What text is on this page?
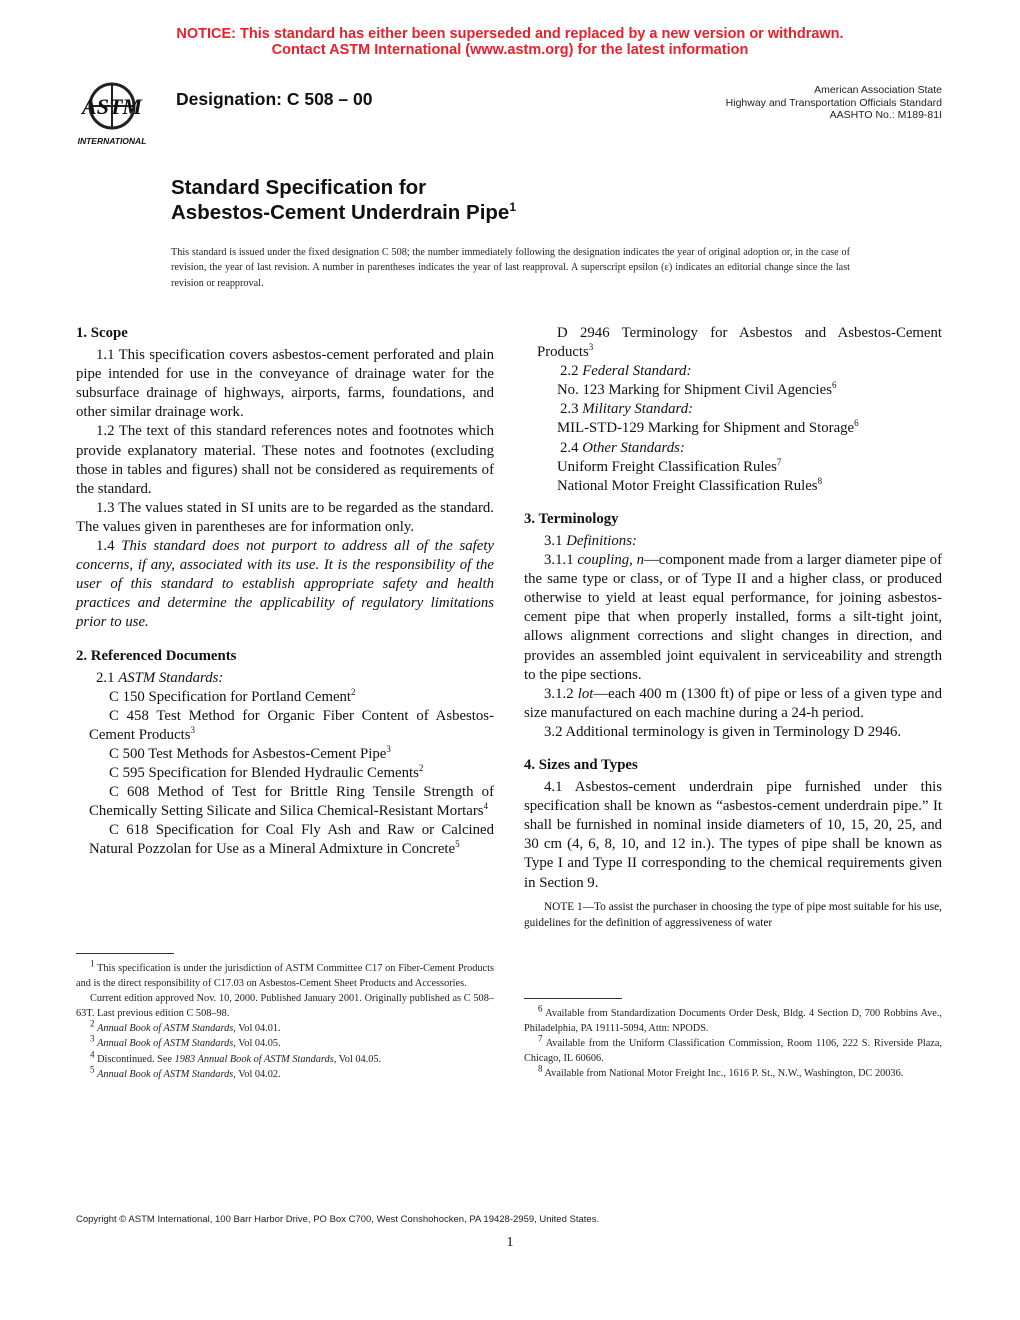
NOTICE: This standard has either been superseded and replaced by a new version or withdrawn.
Contact ASTM International (www.astm.org) for the latest information
ASTM
INTERNATIONAL
Designation: C 508 – 00	American Association State
Highway and Transportation Officials Standard
AASHTO No.: M189-81I
Standard Specification for
Asbestos-Cement Underdrain Pipe$^1$
This standard is issued under the fixed designation C 508; the number immediately following the designation indicates the year of original adoption or, in the case of revision, the year of last revision. A number in parentheses indicates the year of last reapproval. A superscript epsilon (ε) indicates an editorial change since the last revision or reapproval.
1. Scope

1.1 This specification covers asbestos-cement perforated and plain pipe intended for use in the conveyance of drainage water for the subsurface drainage of highways, airports, farms, foundations, and other similar drainage work.

1.2 The text of this standard references notes and footnotes which provide explanatory material. These notes and footnotes (excluding those in tables and figures) shall not be considered as requirements of the standard.

1.3 The values stated in SI units are to be regarded as the standard. The values given in parentheses are for information only.

1.4 This standard does not purport to address all of the safety concerns, if any, associated with its use. It is the responsibility of the user of this standard to establish appropriate safety and health practices and determine the applicability of regulatory limitations prior to use.

2. Referenced Documents

2.1 ASTM Standards:

C 150 Specification for Portland Cement$^2$

C 458 Test Method for Organic Fiber Content of Asbestos-Cement Products$^3$

C 500 Test Methods for Asbestos-Cement Pipe$^3$

C 595 Specification for Blended Hydraulic Cements$^2$

C 608 Method of Test for Brittle Ring Tensile Strength of Chemically Setting Silicate and Silica Chemical-Resistant Mortars$^4$

C 618 Specification for Coal Fly Ash and Raw or Calcined Natural Pozzolan for Use as a Mineral Admixture in Concrete$^5$

$^1$ This specification is under the jurisdiction of ASTM Committee C17 on Fiber-Cement Products and is the direct responsibility of C17.03 on Asbestos-Cement Sheet Products and Accessories.

Current edition approved Nov. 10, 2000. Published January 2001. Originally published as C 508–63T. Last previous edition C 508–98.

$^2$ Annual Book of ASTM Standards, Vol 04.01.

$^3$ Annual Book of ASTM Standards, Vol 04.05.

$^4$ Discontinued. See 1983 Annual Book of ASTM Standards, Vol 04.05.

$^5$ Annual Book of ASTM Standards, Vol 04.02.

D 2946 Terminology for Asbestos and Asbestos-Cement Products$^3$

2.2 Federal Standard:

No. 123 Marking for Shipment Civil Agencies$^6$

2.3 Military Standard:

MIL-STD-129 Marking for Shipment and Storage$^6$

2.4 Other Standards:

Uniform Freight Classification Rules$^7$

National Motor Freight Classification Rules$^8$

3. Terminology

3.1 Definitions:

3.1.1 coupling, n—component made from a larger diameter pipe of the same type or class, or of Type II and a higher class, or produced otherwise to yield at least equal performance, for joining asbestos-cement pipe that when properly installed, forms a silt-tight joint, allows alignment corrections and slight changes in direction, and provides an assembled joint equivalent in serviceability and strength to the pipe sections.

3.1.2 lot—each 400 m (1300 ft) of pipe or less of a given type and size manufactured on each machine during a 24-h period.

3.2 Additional terminology is given in Terminology D 2946.

4. Sizes and Types

4.1 Asbestos-cement underdrain pipe furnished under this specification shall be known as “asbestos-cement underdrain pipe.” It shall be furnished in nominal inside diameters of 10, 15, 20, 25, and 30 cm (4, 6, 8, 10, and 12 in.). The types of pipe shall be known as Type I and Type II corresponding to the chemical requirements given in Section 9.

NOTE 1—To assist the purchaser in choosing the type of pipe most suitable for his use, guidelines for the definition of aggressiveness of water

$^6$ Available from Standardization Documents Order Desk, Bldg. 4 Section D, 700 Robbins Ave., Philadelphia, PA 19111-5094, Attn: NPODS.

$^7$ Available from the Uniform Classification Commission, Room 1106, 222 S. Riverside Plaza, Chicago, IL 60606.

$^8$ Available from National Motor Freight Inc., 1616 P. St., N.W., Washington, DC 20036.

Copyright © ASTM International, 100 Barr Harbor Drive, PO Box C700, West Conshohocken, PA 19428-2959, United States.
1
